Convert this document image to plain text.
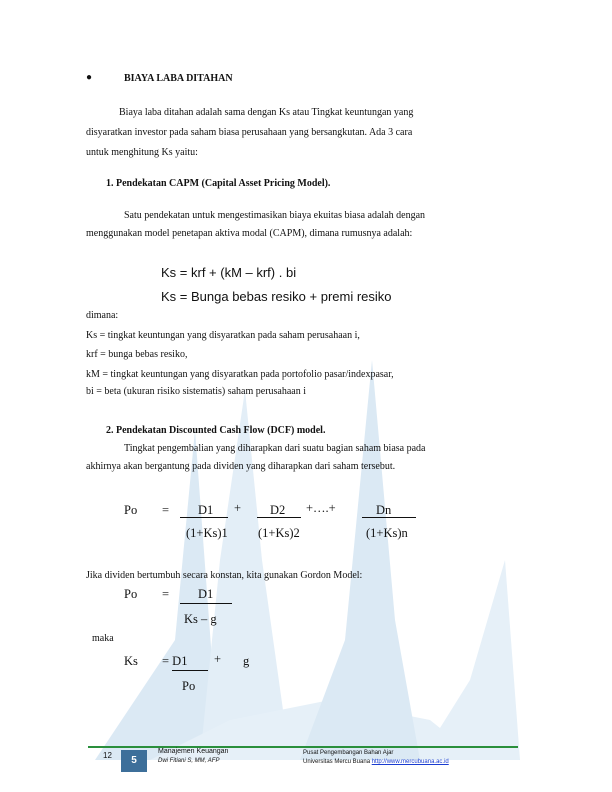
●	BIAYA LABA DITAHAN
Biaya laba ditahan adalah sama dengan Ks atau Tingkat keuntungan yang
disyaratkan investor pada saham biasa perusahaan yang bersangkutan. Ada 3 cara
untuk menghitung Ks yaitu:
1. Pendekatan CAPM (Capital Asset Pricing Model).
Satu pendekatan untuk mengestimasikan biaya ekuitas biasa adalah dengan
menggunakan model penetapan aktiva modal (CAPM), dimana rumusnya adalah:
Ks = krf + (kM – krf) . bi
Ks = Bunga bebas resiko + premi resiko
dimana:
Ks = tingkat keuntungan yang disyaratkan pada saham perusahaan i,
krf = bunga bebas resiko,
kM = tingkat keuntungan yang disyaratkan pada portofolio pasar/indexpasar,
bi = beta (ukuran risiko sistematis) saham perusahaan i
2. Pendekatan Discounted Cash Flow (DCF) model.
Tingkat pengembalian yang diharapkan dari suatu bagian saham biasa pada
akhirnya akan bergantung pada dividen yang diharapkan dari saham tersebut.
Po = D1 + D2 +….+	Dn
(1+Ks)1 (1+Ks)2	(1+Ks)n
Jika dividen bertumbuh secara konstan, kita gunakan Gordon Model:
Po = D1
Ks – g
maka
Ks = D1 + g
Po
12	5
Manajemen Keuangan
Dwi Fitiani S, MM, AFP
Pusat Pengembangan Bahan Ajar
Universitas Mercu Buana http://www.mercubuana.ac.id
